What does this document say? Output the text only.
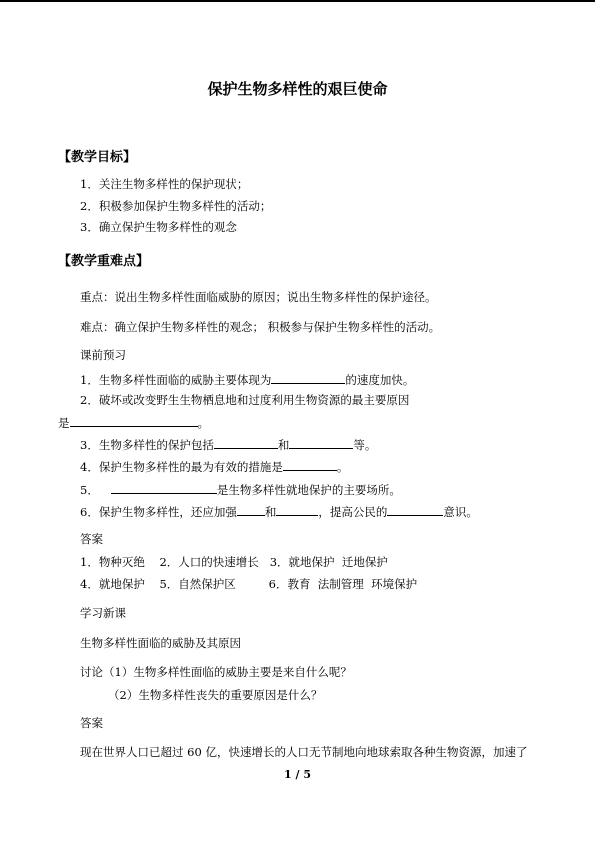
保护生物多样性的艰巨使命
【教学目标】
1．关注生物多样性的保护现状；
2．积极参加保护生物多样性的活动；
3．确立保护生物多样性的观念
【教学重难点】
重点：说出生物多样性面临威胁的原因；说出生物多样性的保护途径。
难点：确立保护生物多样性的观念； 积极参与保护生物多样性的活动。
课前预习
1．生物多样性面临的威胁主要体现为	的速度加快。
2．破坏或改变野生生物栖息地和过度利用生物资源的最主要原因
是	。
3．生物多样性的保护包括	和	等。
4．保护生物多样性的最为有效的措施是	。
5．	是生物多样性就地保护的主要场所。
6．保护生物多样性，还应加强 和	，提高公民的	意识。
答案
1．物种灭绝    2．人口的快速增长   3．就地保护  迁地保护
4．就地保护    5．自然保护区         6．教育  法制管理  环境保护
学习新课
生物多样性面临的威胁及其原因
讨论（1）生物多样性面临的威胁主要是来自什么呢？
（2）生物多样性丧失的重要原因是什么？
答案
现在世界人口已超过 60 亿，快速增长的人口无节制地向地球索取各种生物资源，加速了
1 / 5
